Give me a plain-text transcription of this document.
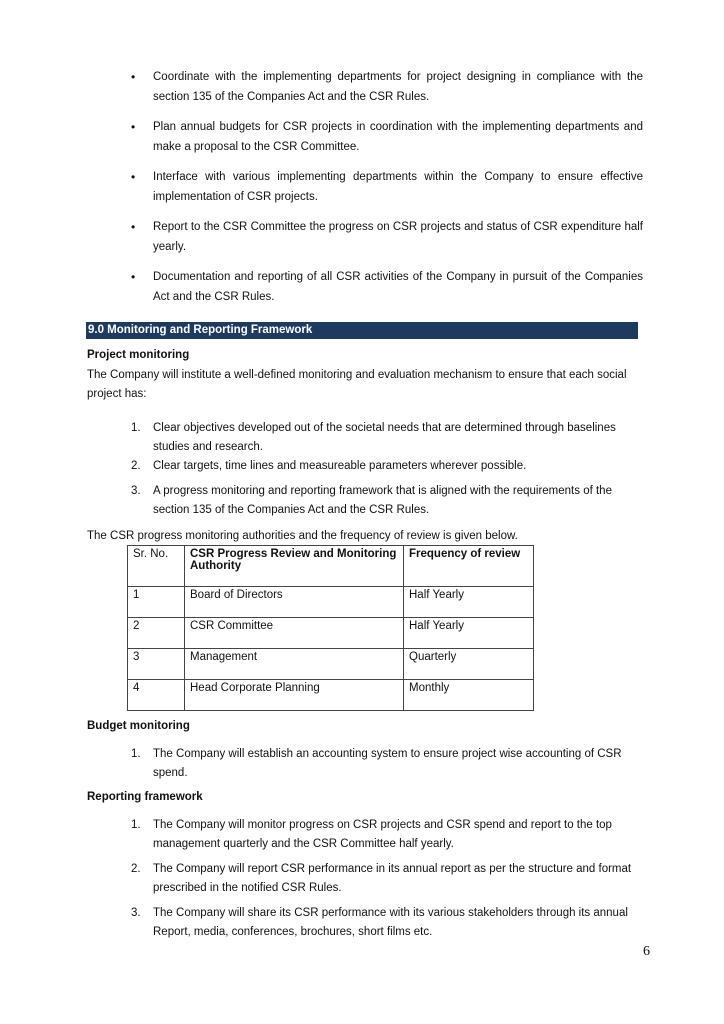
• Coordinate with the implementing departments for project designing in compliance with the section 135 of the Companies Act and the CSR Rules.
• Plan annual budgets for CSR projects in coordination with the implementing departments and make a proposal to the CSR Committee.
• Interface with various implementing departments within the Company to ensure effective implementation of CSR projects.
• Report to the CSR Committee the progress on CSR projects and status of CSR expenditure half yearly.
• Documentation and reporting of all CSR activities of the Company in pursuit of the Companies Act and the CSR Rules.
9.0 Monitoring and Reporting Framework
Project monitoring
The Company will institute a well-defined monitoring and evaluation mechanism to ensure that each social project has:
1. Clear objectives developed out of the societal needs that are determined through baselines studies and research.
2. Clear targets, time lines and measureable parameters wherever possible.
3. A progress monitoring and reporting framework that is aligned with the requirements of the section 135 of the Companies Act and the CSR Rules.
The CSR progress monitoring authorities and the frequency of review is given below.
Sr. No.	CSR Progress Review and Monitoring Authority	Frequency of review
1	Board of Directors	Half Yearly
2	CSR Committee	Half Yearly
3	Management	Quarterly
4	Head Corporate Planning	Monthly
Budget monitoring
1. The Company will establish an accounting system to ensure project wise accounting of CSR spend.
Reporting framework
1. The Company will monitor progress on CSR projects and CSR spend and report to the top management quarterly and the CSR Committee half yearly.
2. The Company will report CSR performance in its annual report as per the structure and format prescribed in the notified CSR Rules.
3. The Company will share its CSR performance with its various stakeholders through its annual Report, media, conferences, brochures, short films etc.
6
